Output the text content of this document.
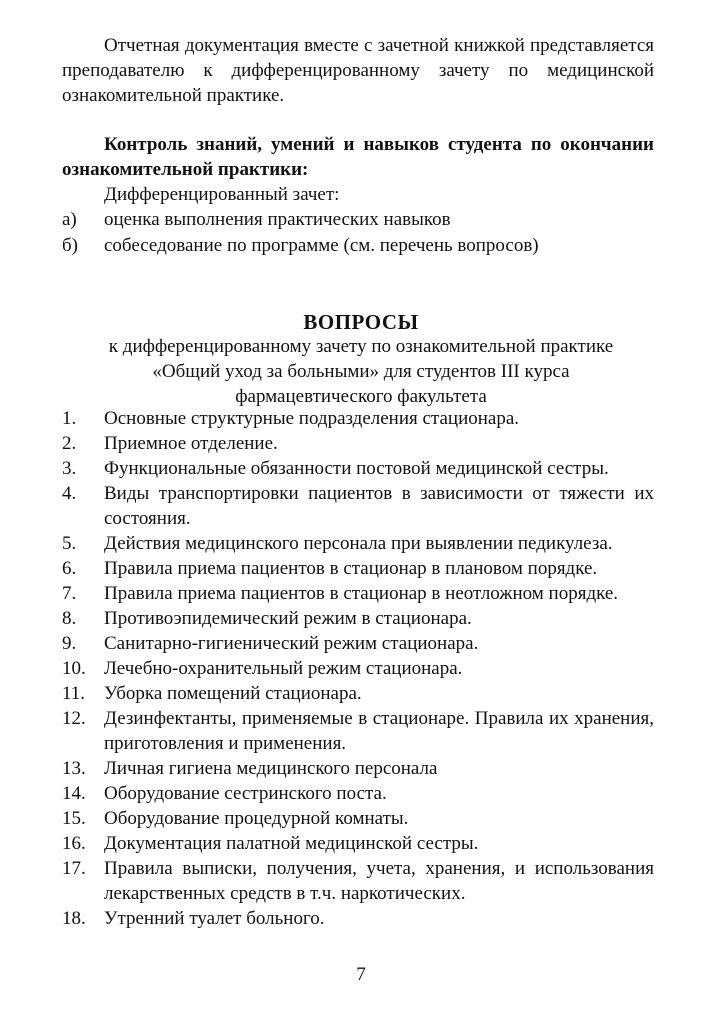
Отчетная документация вместе с зачетной книжкой представляется преподавателю к дифференцированному зачету по медицинской ознакомительной практике.

Контроль знаний, умений и навыков студента по окончании ознакомительной практики:

Дифференцированный зачет:
а) оценка выполнения практических навыков
б) собеседование по программе (см. перечень вопросов)
ВОПРОСЫ
к дифференцированному зачету по ознакомительной практике «Общий уход за больными» для студентов III курса фармацевтического факультета
1.	Основные структурные подразделения стационара.
2.	Приемное отделение.
3.	Функциональные обязанности постовой медицинской сестры.
4.	Виды транспортировки пациентов в зависимости от тяжести их состояния.
5.	Действия медицинского персонала при выявлении педикулеза.
6.	Правила приема пациентов в стационар в плановом порядке.
7.	Правила приема пациентов в стационар в неотложном порядке.
8.	Противоэпидемический режим в стационара.
9.	Санитарно-гигиенический режим стационара.
10. Лечебно-охранительный режим стационара.
11. Уборка помещений стационара.
12. Дезинфектанты, применяемые в стационаре. Правила их хранения, приготовления и применения.
13. Личная гигиена медицинского персонала
14. Оборудование сестринского поста.
15. Оборудование процедурной комнаты.
16. Документация палатной медицинской сестры.
17. Правила выписки, получения, учета, хранения, и использования лекарственных средств в т.ч. наркотических.
18. Утренний туалет больного.
7
